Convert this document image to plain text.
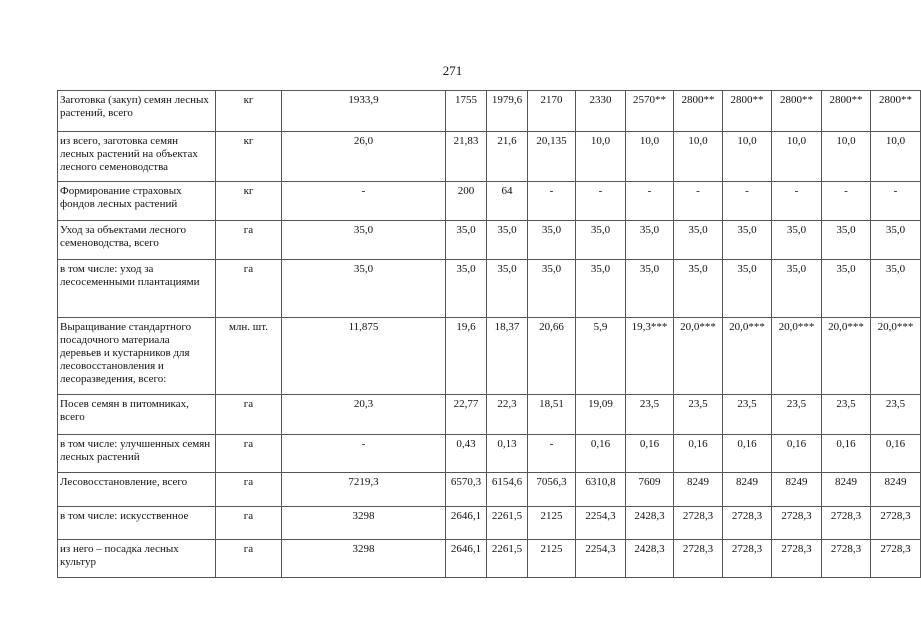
271
Заготовка (закуп) семян лесных растений, всего	кг	1933,9	1755	1979,6	2170	2330	2570**	2800**	2800**	2800**	2800**	2800**
из всего, заготовка семян лесных растений на объектах лесного семеноводства	кг	26,0	21,83	21,6	20,135	10,0	10,0	10,0	10,0	10,0	10,0	10,0
Формирование страховых фондов лесных растений	кг	-	200	64	-	-	-	-	-	-	-	-
Уход за объектами лесного семеноводства, всего	га	35,0	35,0	35,0	35,0	35,0	35,0	35,0	35,0	35,0	35,0	35,0
в том числе: уход за лесосеменными плантациями	га	35,0	35,0	35,0	35,0	35,0	35,0	35,0	35,0	35,0	35,0	35,0
Выращивание стандартного посадочного материала деревьев и кустарников для лесовосстановления и лесоразведения, всего:	млн. шт.	11,875	19,6	18,37	20,66	5,9	19,3***	20,0***	20,0***	20,0***	20,0***	20,0***
Посев семян в питомниках, всего	га	20,3	22,77	22,3	18,51	19,09	23,5	23,5	23,5	23,5	23,5	23,5
в том числе: улучшенных семян лесных растений	га	-	0,43	0,13	-	0,16	0,16	0,16	0,16	0,16	0,16	0,16
Лесовосстановление, всего	га	7219,3	6570,3	6154,6	7056,3	6310,8	7609	8249	8249	8249	8249	8249
в том числе: искусственное	га	3298	2646,1	2261,5	2125	2254,3	2428,3	2728,3	2728,3	2728,3	2728,3	2728,3
из него – посадка лесных культур	га	3298	2646,1	2261,5	2125	2254,3	2428,3	2728,3	2728,3	2728,3	2728,3	2728,3
